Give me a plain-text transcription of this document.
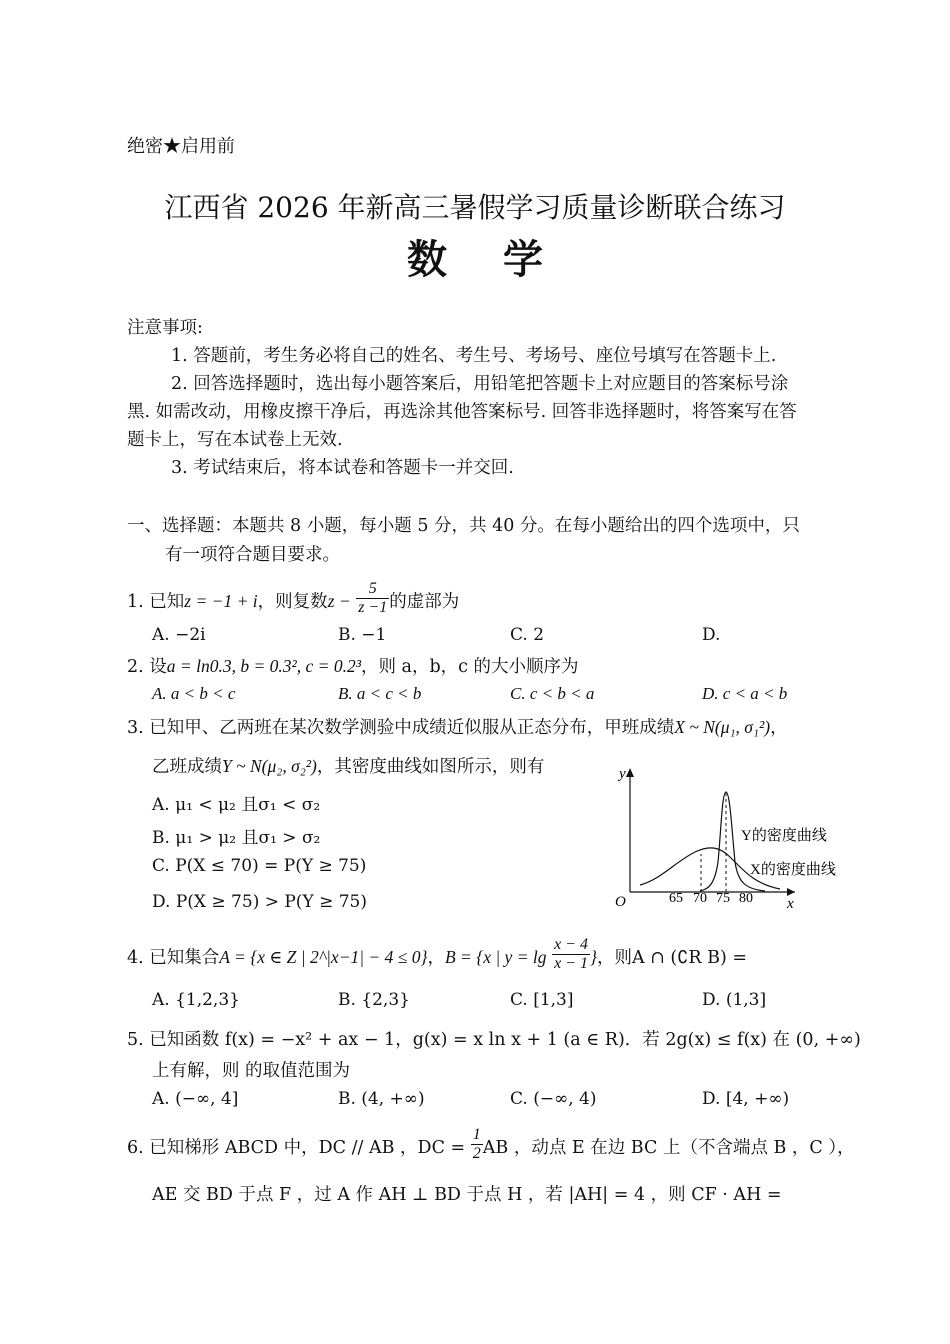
绝密★启用前
江西省 2026 年新高三暑假学习质量诊断联合练习
数学
注意事项:
1. 答题前，考生务必将自己的姓名、考生号、考场号、座位号填写在答题卡上.
2. 回答选择题时，选出每小题答案后，用铅笔把答题卡上对应题目的答案标号涂
黑. 如需改动，用橡皮擦干净后，再选涂其他答案标号. 回答非选择题时，将答案写在答
题卡上，写在本试卷上无效.
3. 考试结束后，将本试卷和答题卡一并交回.
一、选择题：本题共 8 小题，每小题 5 分，共 40 分。在每小题给出的四个选项中，只
有一项符合题目要求。
1. 已知z = −1 + i，则复数$z - \frac{5}{z -1}$ 的虚部为
A. −2i	B. −1	C. 2	D.
2. 设a = ln0.3, b = 0.3², c = 0.2³，则 a，b，c 的大小顺序为
A. a < b < c	B. a < c < b	C. c < b < a	D. c < a < b
3. 已知甲、乙两班在某次数学测验中成绩近似服从正态分布，甲班成绩X ~ N(μ₁, σ₁²)，
乙班成绩Y ~ N(μ₂, σ₂²)，其密度曲线如图所示，则有
A. μ₁ < μ₂ 且σ₁ < σ₂
B. μ₁ > μ₂ 且σ₁ > σ₂
C. P(X ≤ 70) = P(Y ≥ 75)
D. P(X ≥ 75) > P(Y ≥ 75)
y
x
O	65 70 75 80
Y的密度曲线
X的密度曲线
4. 已知集合A = {x ∈ Z | 2^|x−1| − 4 ≤ 0}，B = {x | $y = \lg \frac{x - 4}{x - 1}$ }，则A ∩ (∁R B) =
A. {1,2,3}	B. {2,3}	C. [1,3]	D. (1,3]
5. 已知函数 f(x) = −x² + ax − 1，g(x) = x ln x + 1 (a ∈ R)．若 2g(x) ≤ f(x) 在 (0, +∞)
上有解，则 的取值范围为
A. (−∞, 4]	B. (4, +∞)	C. (−∞, 4)	D. [4, +∞)
6. 已知梯形 ABCD 中，DC // AB ，DC = $\frac{1}{2}$ AB ，动点 E 在边 BC 上（不含端点 B ，C ），
AE 交 BD 于点 F ，过 A 作 AH ⊥ BD 于点 H ，若 |AH| = 4 ，则 CF · AH =
